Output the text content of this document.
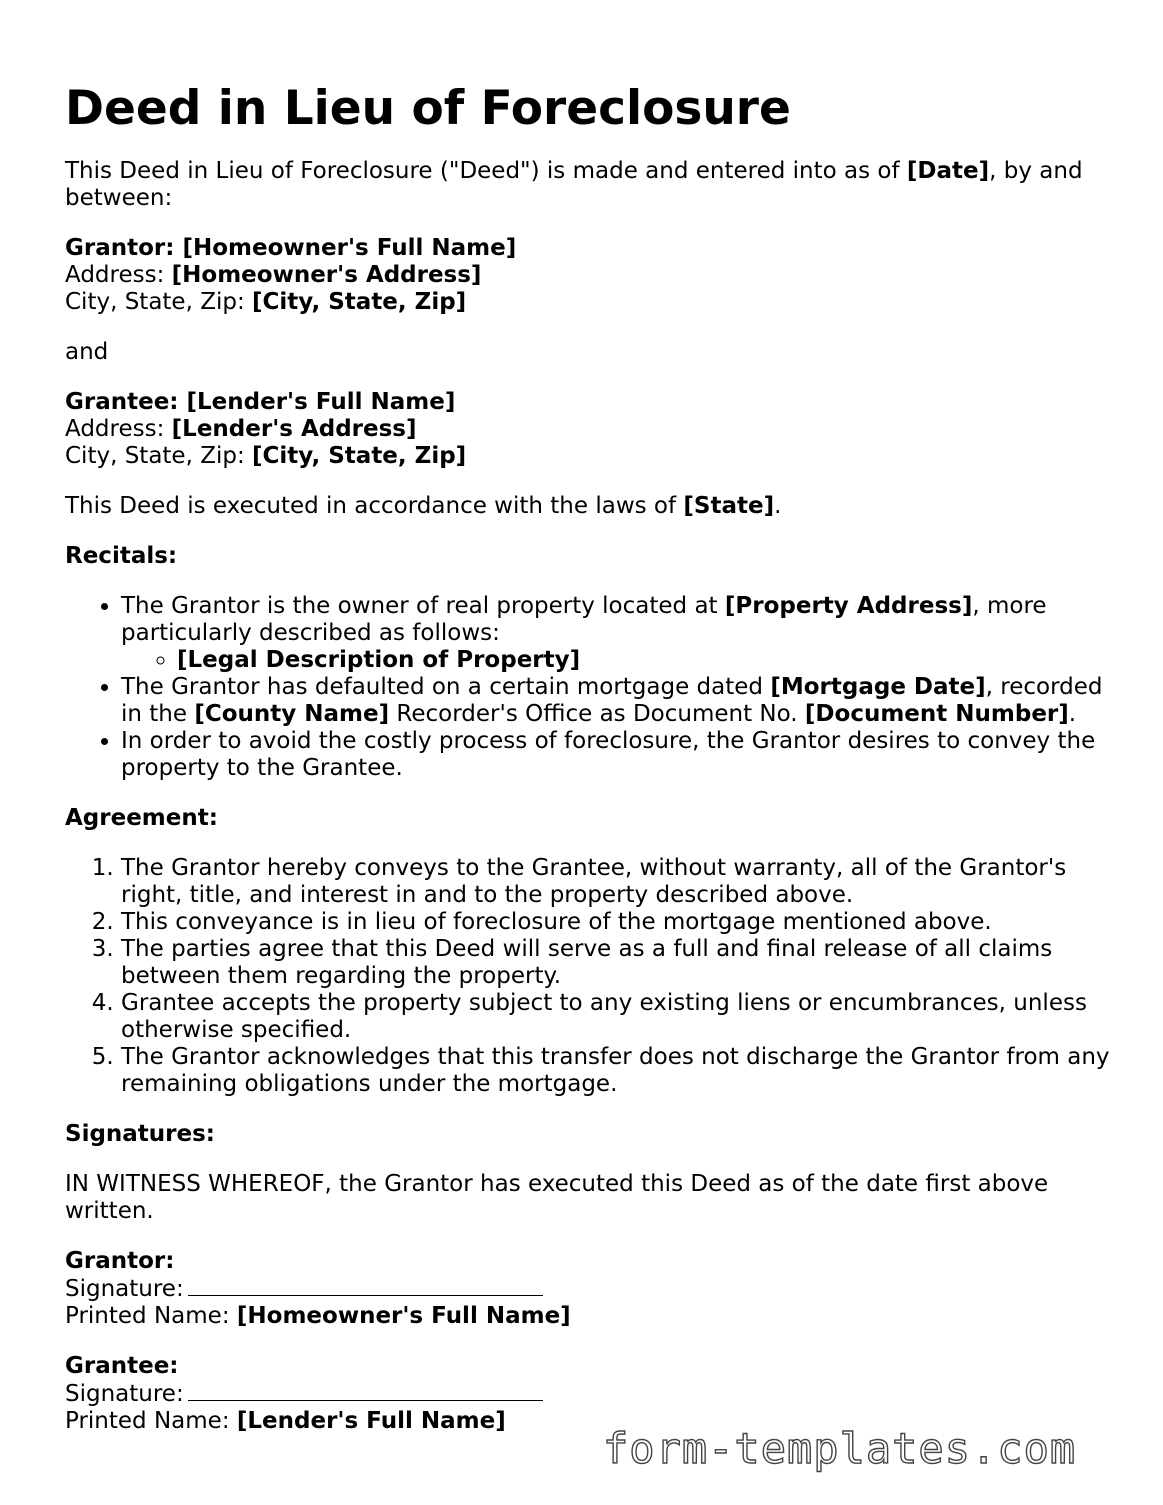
Deed in Lieu of Foreclosure

This Deed in Lieu of Foreclosure ("Deed") is made and entered into as of [Date], by and between:

Grantor: [Homeowner's Full Name]
Address: [Homeowner's Address]
City, State, Zip: [City, State, Zip]

and

Grantee: [Lender's Full Name]
Address: [Lender's Address]
City, State, Zip: [City, State, Zip]

This Deed is executed in accordance with the laws of [State].

Recitals:

• The Grantor is the owner of real property located at [Property Address], more particularly described as follows:
◦ [Legal Description of Property]
• The Grantor has defaulted on a certain mortgage dated [Mortgage Date], recorded in the [County Name] Recorder's Office as Document No. [Document Number].
• In order to avoid the costly process of foreclosure, the Grantor desires to convey the property to the Grantee.

Agreement:

1. The Grantor hereby conveys to the Grantee, without warranty, all of the Grantor's right, title, and interest in and to the property described above.
2. This conveyance is in lieu of foreclosure of the mortgage mentioned above.
3. The parties agree that this Deed will serve as a full and final release of all claims between them regarding the property.
4. Grantee accepts the property subject to any existing liens or encumbrances, unless otherwise specified.
5. The Grantor acknowledges that this transfer does not discharge the Grantor from any remaining obligations under the mortgage.

Signatures:

IN WITNESS WHEREOF, the Grantor has executed this Deed as of the date first above written.

Grantor:
Signature:
Printed Name: [Homeowner's Full Name]

Grantee:
Signature:
Printed Name: [Lender's Full Name]

form-templates.com
